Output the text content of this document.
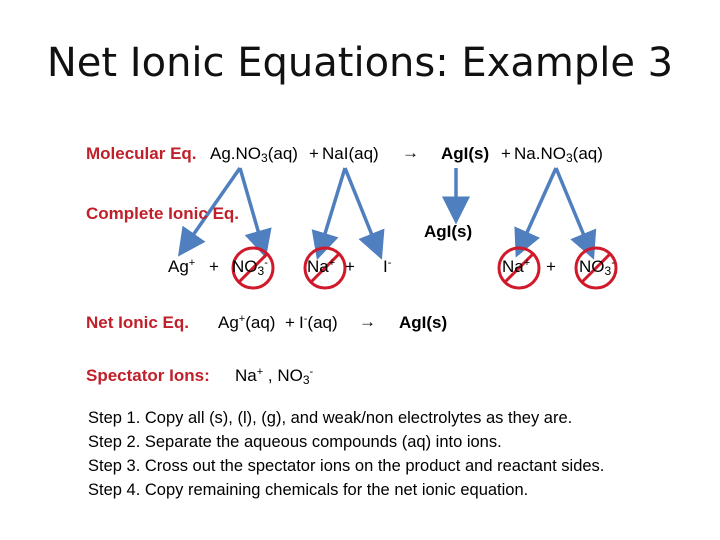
Net Ionic Equations: Example 3
Molecular Eq. $Ag.NO_3(aq) + NaI(aq) \to AgI(s) + Na.NO_3(aq)$
Complete Ionic Eq.
AgI(s)
$Ag^+ + NO_3^-$ Na+ + I-	$Na^+ + NO_3^-$
Net Ionic Eq. Ag+(aq) + I-(aq) → AgI(s)
Spectator Ions: Na+ , $NO_3^-$
Step 1. Copy all (s), (l), (g), and weak/non electrolytes as they are.
Step 2. Separate the aqueous compounds (aq) into ions.
Step 3. Cross out the spectator ions on the product and reactant sides.
Step 4. Copy remaining chemicals for the net ionic equation.
